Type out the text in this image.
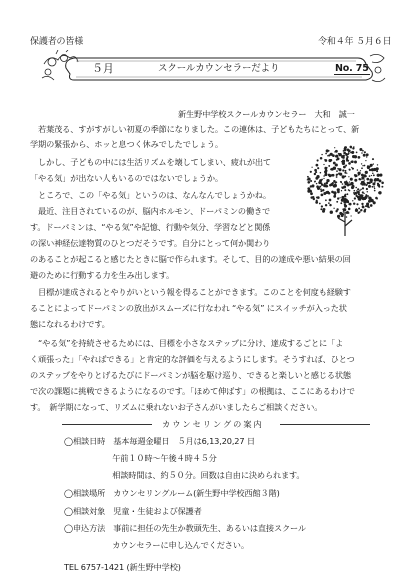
保護者の皆様	令和４年 ５月６日
５月	スクールカウンセラーだより	No. 75
新生野中学校スクールカウンセラー　大和　誠一
　若葉茂る、すがすがしい初夏の季節になりました。この連休は、子どもたちにとって、新
学期の緊張から、ホッと息つく休みでしたでしょう。
　しかし、子どもの中には生活リズムを壊してしまい、疲れが出て
「やる気」が出ない人もいるのではないでしょうか。
　ところで、この「やる気」というのは、なんなんでしょうかね。
　最近、注目されているのが、脳内ホルモン、ドーパミンの働きで
す。ドーパミンは、“やる気”や記憶、行動や気分、学習などと関係
の深い神経伝達物質のひとつだそうです。自分にとって何か関わり
のあることが起こると感じたときに脳で作られます。そして、目的の達成や悪い結果の回
避のために行動する力を生み出します。
　目標が達成されるとやりがいという報を得ることができます。このことを何度も経験す
ることによってドーパミンの放出がスムーズに行なわれ “やる気” にスイッチが入った状
態になれるわけです。
　“やる気”を持続させるためには、目標を小さなステップに分け、達成するごとに「よ
く頑張った」「やればできる」と肯定的な評価を与えるようにします。そうすれば、ひとつ
のステップをやりとげるたびにドーパミンが脳を駆け巡り、できると楽しいと感じる状態
で次の課題に挑戦できるようになるのです。「ほめて伸ばす」の根拠は、ここにあるわけで
す。　新学期になって、リズムに乗れないお子さんがいましたらご相談ください。
カウンセリングの案内
◯相談日時　基本毎週金曜日　５月は6,13,20,27 日
　　　　　　午前１０時～午後４時４５分
　　　　　　相談時間は、約５０分。回数は自由に決められます。
◯相談場所　カウンセリングルーム(新生野中学校西館３階)
◯相談対象　児童・生徒および保護者
◯申込方法　事前に担任の先生か教頭先生、あるいは直接スクール
　　　　　　カウンセラーに申し込んでください。
TEL 6757-1421 (新生野中学校)
